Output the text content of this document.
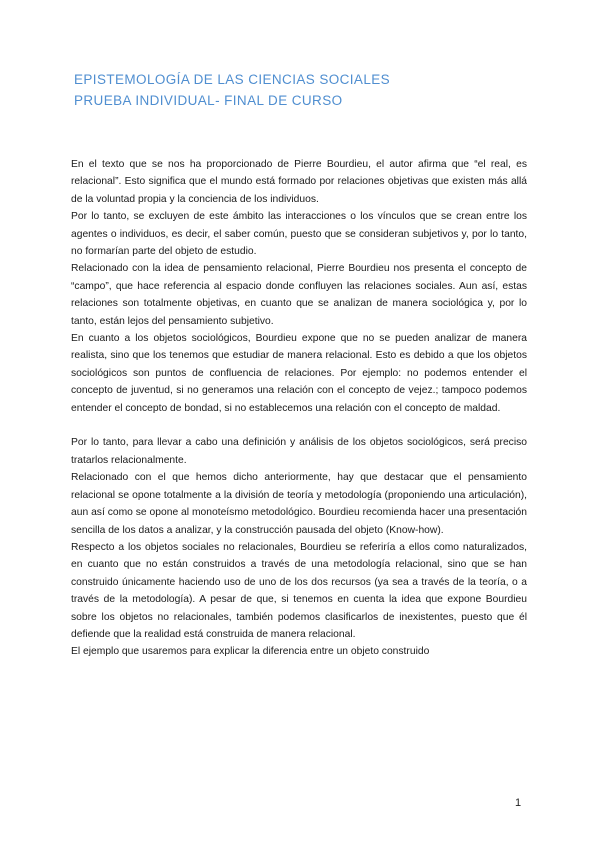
EPISTEMOLOGÍA DE LAS CIENCIAS SOCIALES
PRUEBA INDIVIDUAL- FINAL DE CURSO

En el texto que se nos ha proporcionado de Pierre Bourdieu, el autor afirma que “el real, es relacional”. Esto significa que el mundo está formado por relaciones objetivas que existen más allá de la voluntad propia y la conciencia de los individuos.

Por lo tanto, se excluyen de este ámbito las interacciones o los vínculos que se crean entre los agentes o individuos, es decir, el saber común, puesto que se consideran subjetivos y, por lo tanto, no formarían parte del objeto de estudio.

Relacionado con la idea de pensamiento relacional, Pierre Bourdieu nos presenta el concepto de “campo”, que hace referencia al espacio donde confluyen las relaciones sociales. Aun así, estas relaciones son totalmente objetivas, en cuanto que se analizan de manera sociológica y, por lo tanto, están lejos del pensamiento subjetivo.

En cuanto a los objetos sociológicos, Bourdieu expone que no se pueden analizar de manera realista, sino que los tenemos que estudiar de manera relacional. Esto es debido a que los objetos sociológicos son puntos de confluencia de relaciones. Por ejemplo: no podemos entender el concepto de juventud, si no generamos una relación con el concepto de vejez.; tampoco podemos entender el concepto de bondad, si no establecemos una relación con el concepto de maldad.

Por lo tanto, para llevar a cabo una definición y análisis de los objetos sociológicos, será preciso tratarlos relacionalmente.

Relacionado con el que hemos dicho anteriormente, hay que destacar que el pensamiento relacional se opone totalmente a la división de teoría y metodología (proponiendo una articulación), aun así como se opone al monoteísmo metodológico. Bourdieu recomienda hacer una presentación sencilla de los datos a analizar, y la construcción pausada del objeto (Know-how).

Respecto a los objetos sociales no relacionales, Bourdieu se referiría a ellos como naturalizados, en cuanto que no están construidos a través de una metodología relacional, sino que se han construido únicamente haciendo uso de uno de los dos recursos (ya sea a través de la teoría, o a través de la metodología). A pesar de que, si tenemos en cuenta la idea que expone Bourdieu sobre los objetos no relacionales, también podemos clasificarlos de inexistentes, puesto que él defiende que la realidad está construida de manera relacional.

El ejemplo que usaremos para explicar la diferencia entre un objeto construido

1
